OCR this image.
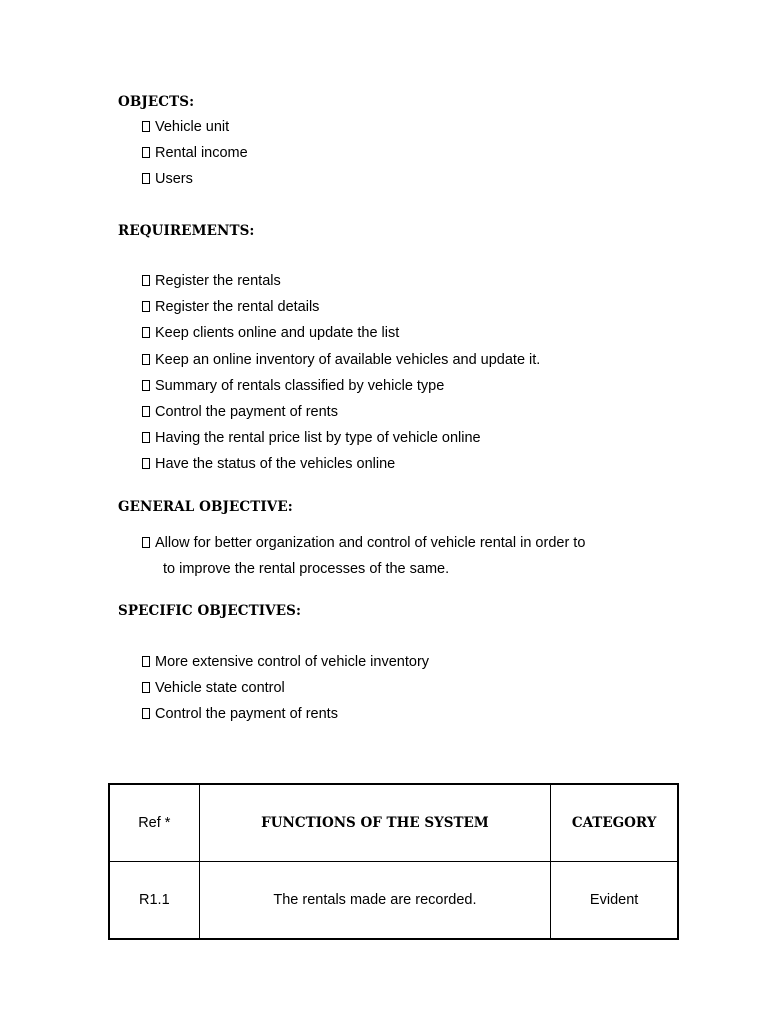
OBJECTS:
Vehicle unit
Rental income
Users
REQUIREMENTS:
Register the rentals
Register the rental details
Keep clients online and update the list
Keep an online inventory of available vehicles and update it.
Summary of rentals classified by vehicle type
Control the payment of rents
Having the rental price list by type of vehicle online
Have the status of the vehicles online
GENERAL OBJECTIVE:
Allow for better organization and control of vehicle rental in order to
to improve the rental processes of the same.
SPECIFIC OBJECTIVES:
More extensive control of vehicle inventory
Vehicle state control
Control the payment of rents
Ref *	FUNCTIONS OF THE SYSTEM	CATEGORY
R1.1	The rentals made are recorded.	Evident
